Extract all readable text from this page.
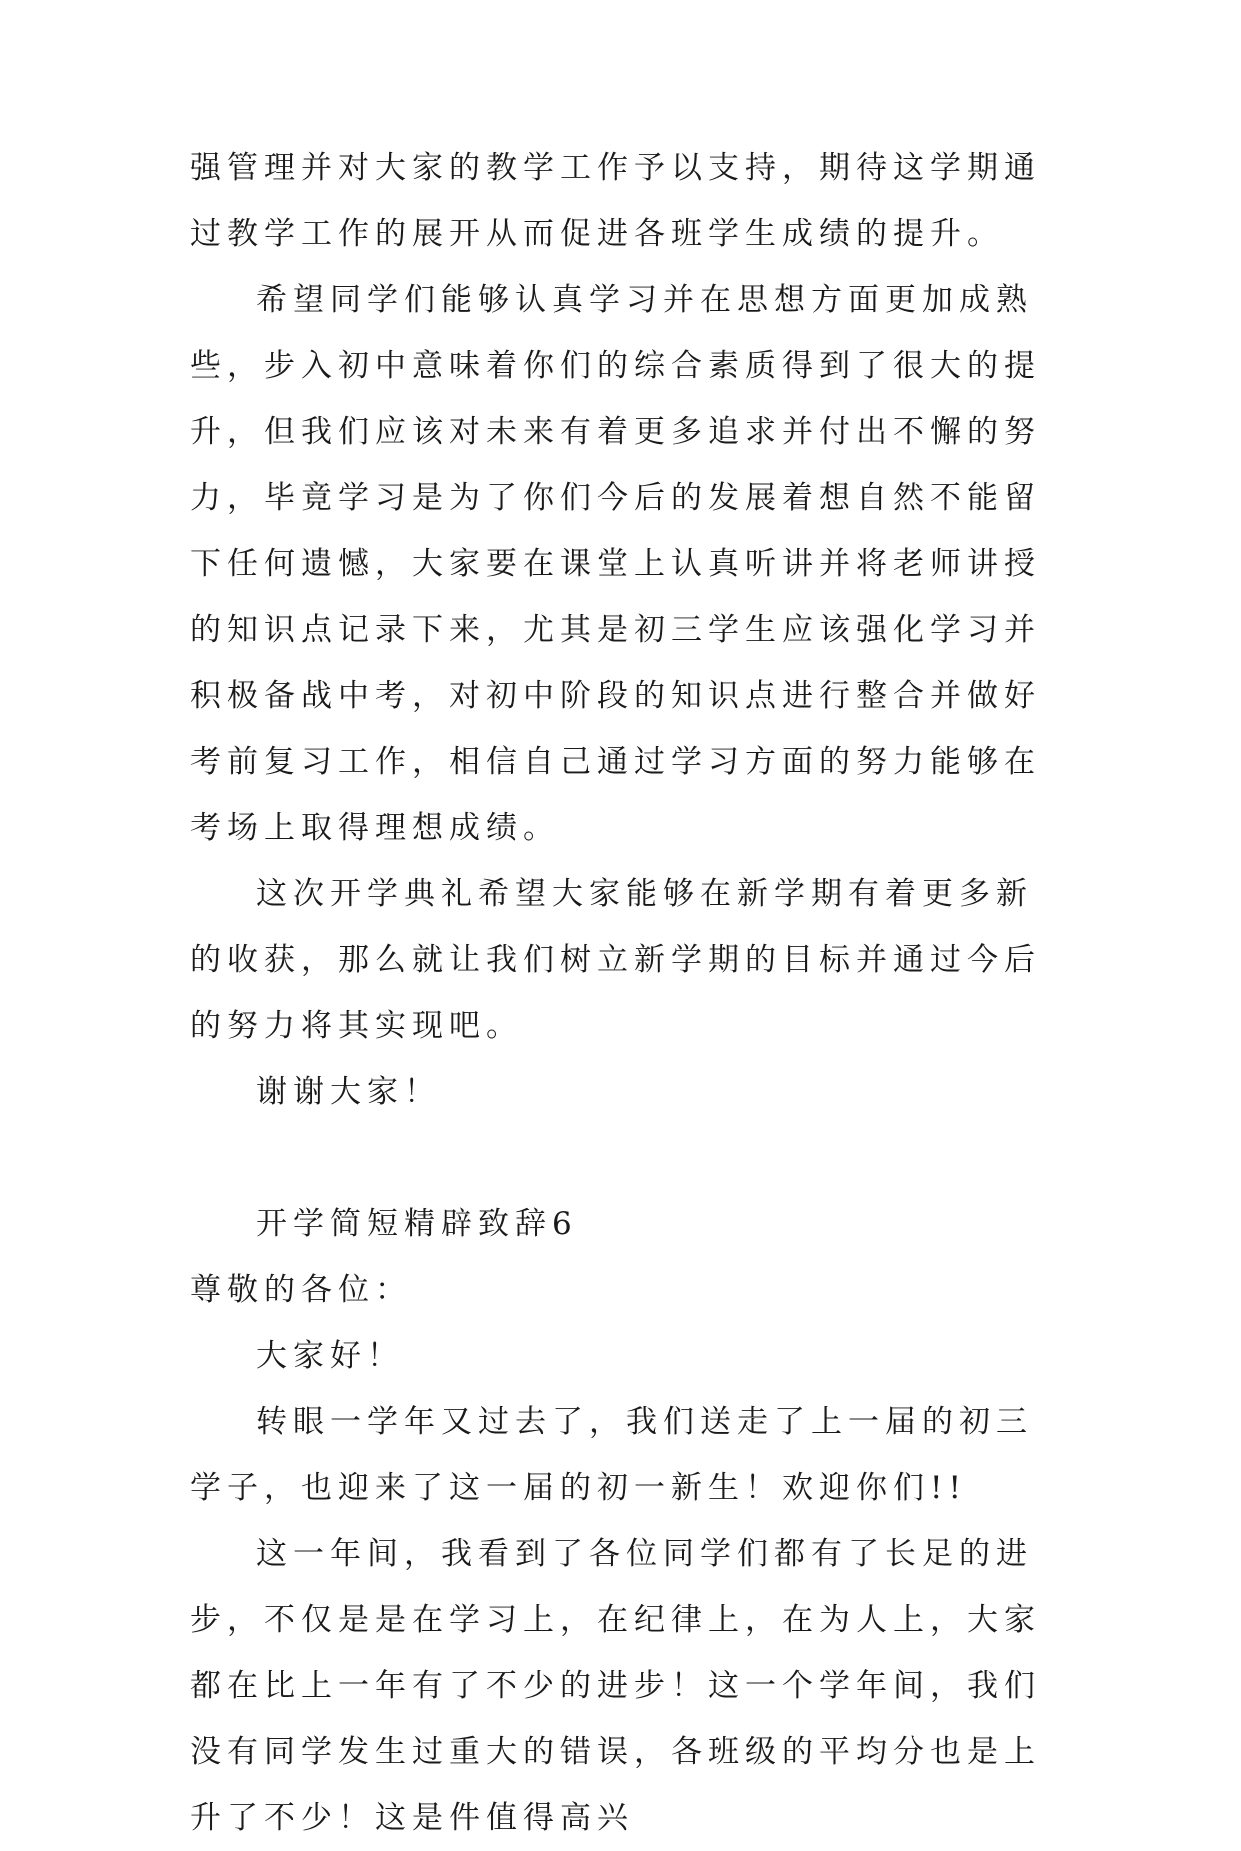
强管理并对大家的教学工作予以支持，期待这学期通过教学工作的展开从而促进各班学生成绩的提升。

希望同学们能够认真学习并在思想方面更加成熟些，步入初中意味着你们的综合素质得到了很大的提升，但我们应该对未来有着更多追求并付出不懈的努力，毕竟学习是为了你们今后的发展着想自然不能留下任何遗憾，大家要在课堂上认真听讲并将老师讲授的知识点记录下来，尤其是初三学生应该强化学习并积极备战中考，对初中阶段的知识点进行整合并做好考前复习工作，相信自己通过学习方面的努力能够在考场上取得理想成绩。

这次开学典礼希望大家能够在新学期有着更多新的收获，那么就让我们树立新学期的目标并通过今后的努力将其实现吧。

谢谢大家！

开学简短精辟致辞6

尊敬的各位：

大家好！

转眼一学年又过去了，我们送走了上一届的初三学子，也迎来了这一届的初一新生！欢迎你们!!

这一年间，我看到了各位同学们都有了长足的进步，不仅是是在学习上，在纪律上，在为人上，大家都在比上一年有了不少的进步！这一个学年间，我们没有同学发生过重大的错误，各班级的平均分也是上升了不少！这是件值得高兴
